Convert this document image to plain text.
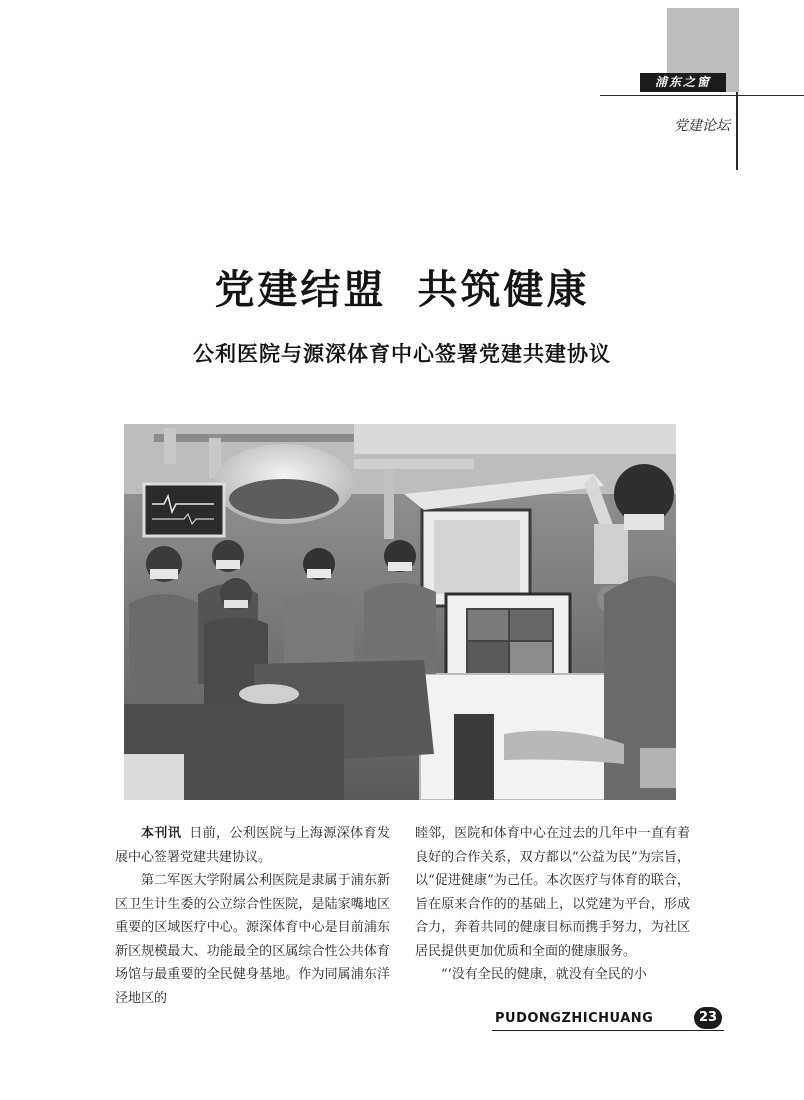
浦东之窗
党建论坛
党建结盟 共筑健康
公利医院与源深体育中心签署党建共建协议

本刊讯 日前，公利医院与上海源深体育发展中心签署党建共建协议。

第二军医大学附属公利医院是隶属于浦东新区卫生计生委的公立综合性医院，是陆家嘴地区重要的区域医疗中心。源深体育中心是目前浦东新区规模最大、功能最全的区属综合性公共体育场馆与最重要的全民健身基地。作为同属浦东洋泾地区的

睦邻，医院和体育中心在过去的几年中一直有着良好的合作关系，双方都以“公益为民”为宗旨，以“促进健康”为己任。本次医疗与体育的联合，旨在原来合作的的基础上，以党建为平台，形成合力，奔着共同的健康目标而携手努力，为社区居民提供更加优质和全面的健康服务。

“‘没有全民的健康，就没有全民的小

PUDONGZHICHUANG	23
